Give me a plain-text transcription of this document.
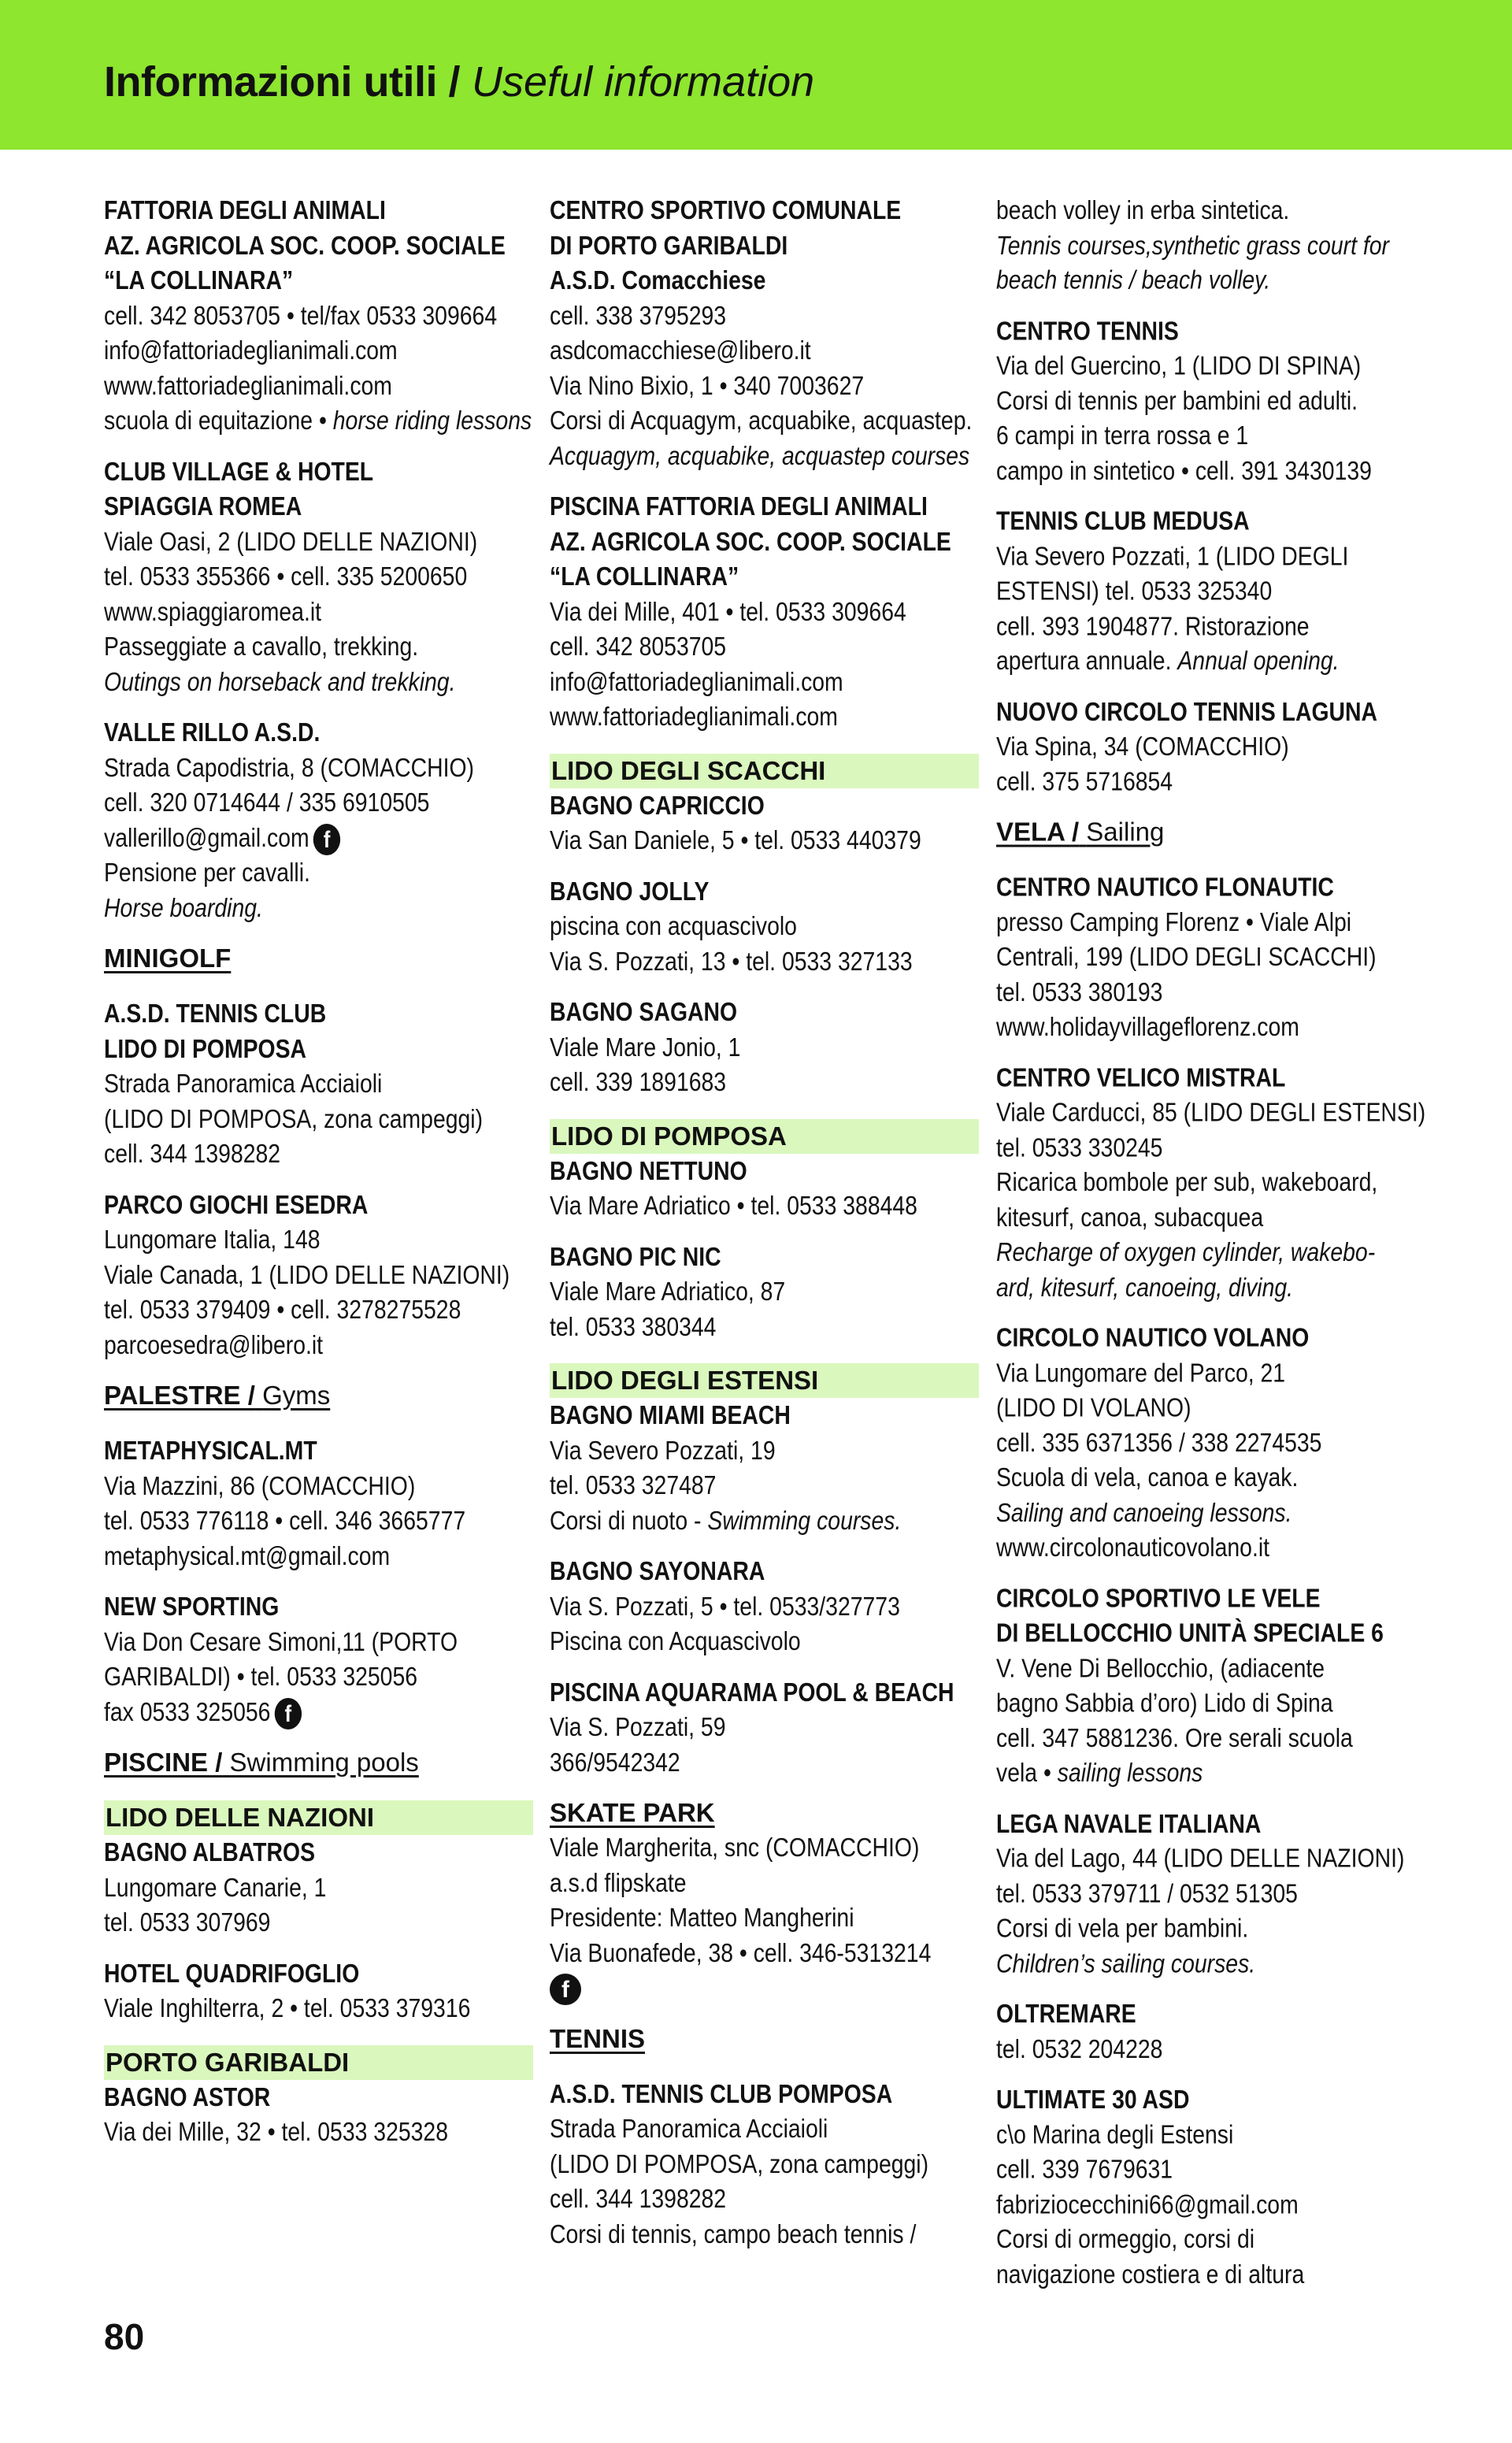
Informazioni utili / Useful information

FATTORIA DEGLI ANIMALI

AZ. AGRICOLA SOC. COOP. SOCIALE

“LA COLLINARA”

cell. 342 8053705 • tel/fax 0533 309664

info@fattoriadeglianimali.com

www.fattoriadeglianimali.com

scuola di equitazione • horse riding lessons

CLUB VILLAGE & HOTEL

SPIAGGIA ROMEA

Viale Oasi, 2 (LIDO DELLE NAZIONI)

tel. 0533 355366 • cell. 335 5200650

www.spiaggiaromea.it

Passeggiate a cavallo, trekking.

Outings on horseback and trekking.

VALLE RILLO A.S.D.

Strada Capodistria, 8 (COMACCHIO)

cell. 320 0714644 / 335 6910505

vallerillo@gmail.com f

Pensione per cavalli.

Horse boarding.

MINIGOLF

A.S.D. TENNIS CLUB

LIDO DI POMPOSA

Strada Panoramica Acciaioli

(LIDO DI POMPOSA, zona campeggi)

cell. 344 1398282

PARCO GIOCHI ESEDRA

Lungomare Italia, 148

Viale Canada, 1 (LIDO DELLE NAZIONI)

tel. 0533 379409 • cell. 3278275528

parcoesedra@libero.it

PALESTRE / Gyms

METAPHYSICAL.MT

Via Mazzini, 86 (COMACCHIO)

tel. 0533 776118 • cell. 346 3665777

metaphysical.mt@gmail.com

NEW SPORTING

Via Don Cesare Simoni,11 (PORTO

GARIBALDI) • tel. 0533 325056

fax 0533 325056 f

PISCINE / Swimming pools
LIDO DELLE NAZIONI

BAGNO ALBATROS

Lungomare Canarie, 1

tel. 0533 307969

HOTEL QUADRIFOGLIO

Viale Inghilterra, 2 • tel. 0533 379316

PORTO GARIBALDI

BAGNO ASTOR

Via dei Mille, 32 • tel. 0533 325328

CENTRO SPORTIVO COMUNALE

DI PORTO GARIBALDI

A.S.D. Comacchiese

cell. 338 3795293

asdcomacchiese@libero.it

Via Nino Bixio, 1 • 340 7003627

Corsi di Acquagym, acquabike, acquastep.

Acquagym, acquabike, acquastep courses

PISCINA FATTORIA DEGLI ANIMALI

AZ. AGRICOLA SOC. COOP. SOCIALE

“LA COLLINARA”

Via dei Mille, 401 • tel. 0533 309664

cell. 342 8053705

info@fattoriadeglianimali.com

www.fattoriadeglianimali.com

LIDO DEGLI SCACCHI

BAGNO CAPRICCIO

Via San Daniele, 5 • tel. 0533 440379

BAGNO JOLLY

piscina con acquascivolo

Via S. Pozzati, 13 • tel. 0533 327133

BAGNO SAGANO

Viale Mare Jonio, 1

cell. 339 1891683

LIDO DI POMPOSA

BAGNO NETTUNO

Via Mare Adriatico • tel. 0533 388448

BAGNO PIC NIC

Viale Mare Adriatico, 87

tel. 0533 380344

LIDO DEGLI ESTENSI

BAGNO MIAMI BEACH

Via Severo Pozzati, 19

tel. 0533 327487

Corsi di nuoto - Swimming courses.

BAGNO SAYONARA

Via S. Pozzati, 5 • tel. 0533/327773

Piscina con Acquascivolo

PISCINA AQUARAMA POOL & BEACH

Via S. Pozzati, 59

366/9542342

SKATE PARK

Viale Margherita, snc (COMACCHIO)

a.s.d flipskate

Presidente: Matteo Mangherini

Via Buonafede, 38 • cell. 346-5313214

f

TENNIS

A.S.D. TENNIS CLUB POMPOSA

Strada Panoramica Acciaioli

(LIDO DI POMPOSA, zona campeggi)

cell. 344 1398282

Corsi di tennis, campo beach tennis /

beach volley in erba sintetica.

Tennis courses,synthetic grass court for

beach tennis / beach volley.

CENTRO TENNIS

Via del Guercino, 1 (LIDO DI SPINA)

Corsi di tennis per bambini ed adulti.

6 campi in terra rossa e 1

campo in sintetico • cell. 391 3430139

TENNIS CLUB MEDUSA

Via Severo Pozzati, 1 (LIDO DEGLI

ESTENSI) tel. 0533 325340

cell. 393 1904877. Ristorazione

apertura annuale. Annual opening.

NUOVO CIRCOLO TENNIS LAGUNA

Via Spina, 34 (COMACCHIO)

cell. 375 5716854

VELA / Sailing

CENTRO NAUTICO FLONAUTIC

presso Camping Florenz • Viale Alpi

Centrali, 199 (LIDO DEGLI SCACCHI)

tel. 0533 380193

www.holidayvillageflorenz.com

CENTRO VELICO MISTRAL

Viale Carducci, 85 (LIDO DEGLI ESTENSI)

tel. 0533 330245

Ricarica bombole per sub, wakeboard,

kitesurf, canoa, subacquea

Recharge of oxygen cylinder, wakebo-

ard, kitesurf, canoeing, diving.

CIRCOLO NAUTICO VOLANO

Via Lungomare del Parco, 21

(LIDO DI VOLANO)

cell. 335 6371356 / 338 2274535

Scuola di vela, canoa e kayak.

Sailing and canoeing lessons.

www.circolonauticovolano.it

CIRCOLO SPORTIVO LE VELE

DI BELLOCCHIO UNITÀ SPECIALE 6

V. Vene Di Bellocchio, (adiacente

bagno Sabbia d’oro) Lido di Spina

cell. 347 5881236. Ore serali scuola

vela • sailing lessons

LEGA NAVALE ITALIANA

Via del Lago, 44 (LIDO DELLE NAZIONI)

tel. 0533 379711 / 0532 51305

Corsi di vela per bambini.

Children’s sailing courses.

OLTREMARE

tel. 0532 204228

ULTIMATE 30 ASD

c\o Marina degli Estensi

cell. 339 7679631

fabriziocecchini66@gmail.com

Corsi di ormeggio, corsi di

navigazione costiera e di altura

80
